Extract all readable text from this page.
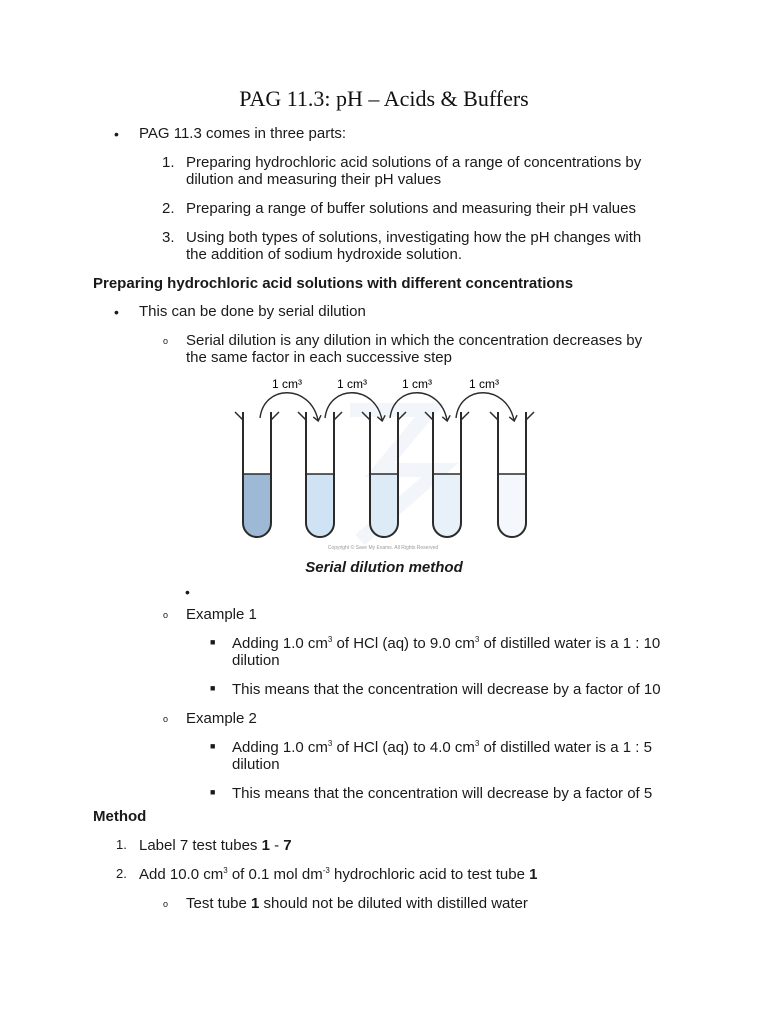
PAG 11.3: pH – Acids & Buffers
• PAG 11.3 comes in three parts:
1. Preparing hydrochloric acid solutions of a range of concentrations by
dilution and measuring their pH values
2. Preparing a range of buffer solutions and measuring their pH values
3. Using both types of solutions, investigating how the pH changes with
the addition of sodium hydroxide solution.
Preparing hydrochloric acid solutions with different concentrations
• This can be done by serial dilution
o Serial dilution is any dilution in which the concentration decreases by
the same factor in each successive step
1 cm³	1 cm³	1 cm³	1 cm³
Copyright © Save My Exams. All Rights Reserved
Serial dilution method
•
o Example 1
■ Adding 1.0 $cm^3$ of HCl (aq) to 9.0 $cm^3$ of distilled water is a 1 : 10
dilution
■ This means that the concentration will decrease by a factor of 10
o Example 2
■ Adding 1.0 $cm^3$ of HCl (aq) to 4.0 $cm^3$ of distilled water is a 1 : 5
dilution
■ This means that the concentration will decrease by a factor of 5
Method
1. Label 7 test tubes 1 - 7
2. Add 10.0 $cm^3$ of 0.1 mol $dm^{-3}$ hydrochloric acid to test tube 1
o Test tube 1 should not be diluted with distilled water
